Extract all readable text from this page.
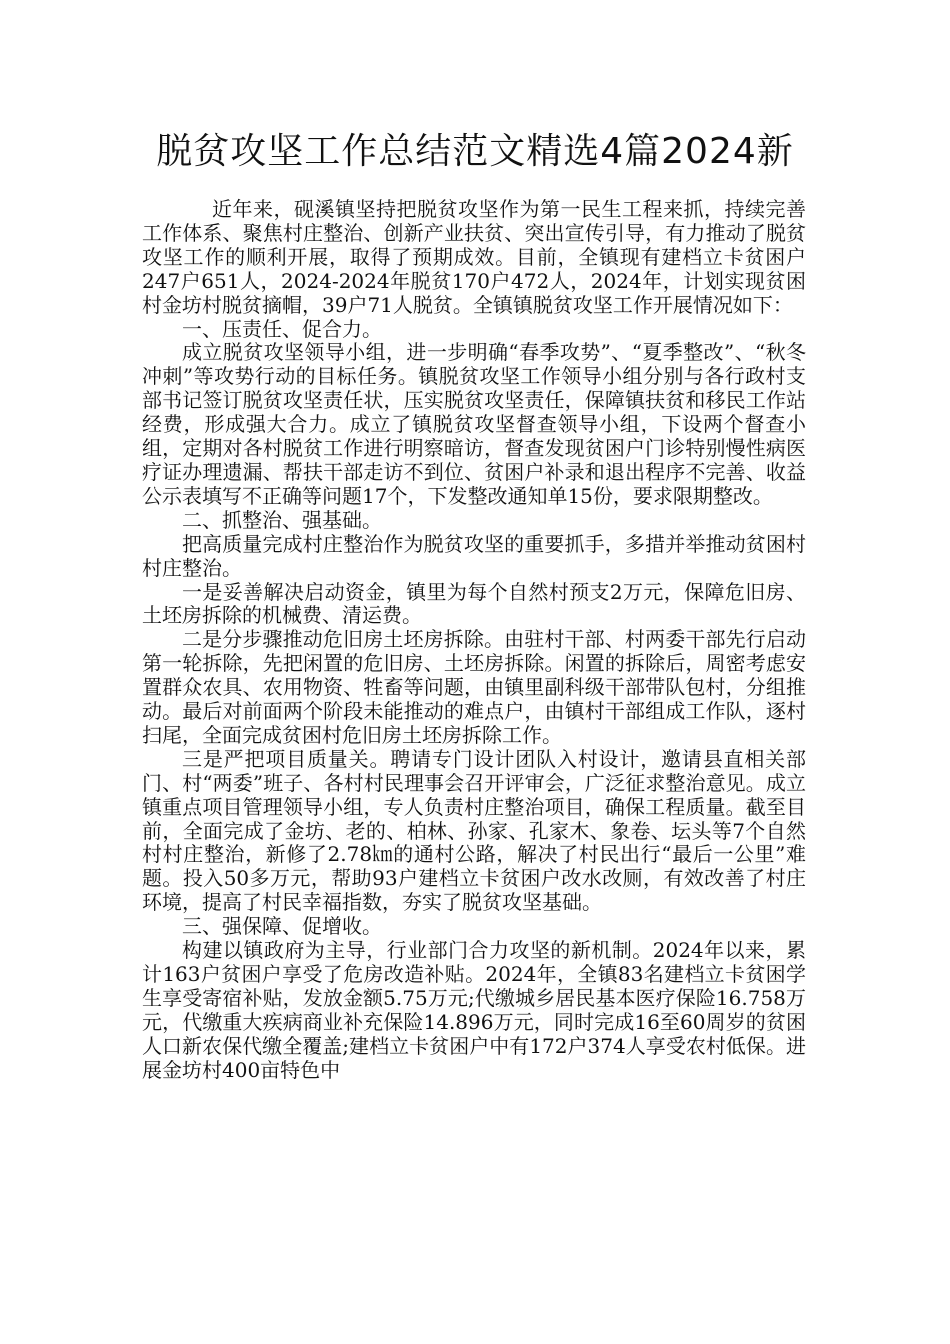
脱贫攻坚工作总结范文精选4篇2024新

近年来，砚溪镇坚持把脱贫攻坚作为第一民生工程来抓，持续完善工作体系、聚焦村庄整治、创新产业扶贫、突出宣传引导，有力推动了脱贫攻坚工作的顺利开展，取得了预期成效。目前，全镇现有建档立卡贫困户247户651人，2024-2024年脱贫170户472人，2024年，计划实现贫困村金坊村脱贫摘帽，39户71人脱贫。全镇镇脱贫攻坚工作开展情况如下：

一、压责任、促合力。

成立脱贫攻坚领导小组，进一步明确“春季攻势”、“夏季整改”、“秋冬冲刺”等攻势行动的目标任务。镇脱贫攻坚工作领导小组分别与各行政村支部书记签订脱贫攻坚责任状，压实脱贫攻坚责任，保障镇扶贫和移民工作站经费，形成强大合力。成立了镇脱贫攻坚督查领导小组，下设两个督查小组，定期对各村脱贫工作进行明察暗访，督查发现贫困户门诊特别慢性病医疗证办理遗漏、帮扶干部走访不到位、贫困户补录和退出程序不完善、收益公示表填写不正确等问题17个，下发整改通知单15份，要求限期整改。

二、抓整治、强基础。

把高质量完成村庄整治作为脱贫攻坚的重要抓手，多措并举推动贫困村村庄整治。

一是妥善解决启动资金，镇里为每个自然村预支2万元，保障危旧房、土坯房拆除的机械费、清运费。

二是分步骤推动危旧房土坯房拆除。由驻村干部、村两委干部先行启动第一轮拆除，先把闲置的危旧房、土坯房拆除。闲置的拆除后，周密考虑安置群众农具、农用物资、牲畜等问题，由镇里副科级干部带队包村，分组推动。最后对前面两个阶段未能推动的难点户，由镇村干部组成工作队，逐村扫尾，全面完成贫困村危旧房土坯房拆除工作。

三是严把项目质量关。聘请专门设计团队入村设计，邀请县直相关部门、村“两委”班子、各村村民理事会召开评审会，广泛征求整治意见。成立镇重点项目管理领导小组，专人负责村庄整治项目，确保工程质量。截至目前，全面完成了金坊、老的、柏林、孙家、孔家木、象卷、坛头等7个自然村村庄整治，新修了2.78㎞的通村公路，解决了村民出行“最后一公里”难题。投入50多万元，帮助93户建档立卡贫困户改水改厕，有效改善了村庄环境，提高了村民幸福指数，夯实了脱贫攻坚基础。

三、强保障、促增收。

构建以镇政府为主导，行业部门合力攻坚的新机制。2024年以来，累计163户贫困户享受了危房改造补贴。2024年，全镇83名建档立卡贫困学生享受寄宿补贴，发放金额5.75万元;代缴城乡居民基本医疗保险16.758万元，代缴重大疾病商业补充保险14.896万元，同时完成16至60周岁的贫困人口新农保代缴全覆盖;建档立卡贫困户中有172户374人享受农村低保。进展金坊村400亩特色中
